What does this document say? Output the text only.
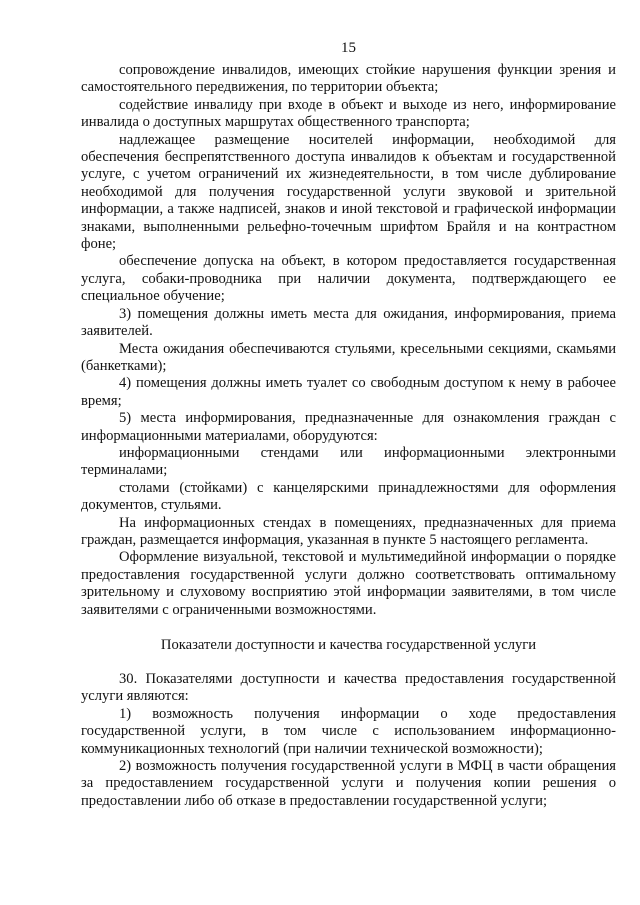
15

сопровождение инвалидов, имеющих стойкие нарушения функции зрения и самостоятельного передвижения, по территории объекта;

содействие инвалиду при входе в объект и выходе из него, информирование инвалида о доступных маршрутах общественного транспорта;

надлежащее размещение носителей информации, необходимой для обеспечения беспрепятственного доступа инвалидов к объектам и государственной услуге, с учетом ограничений их жизнедеятельности, в том числе дублирование необходимой для получения государственной услуги звуковой и зрительной информации, а также надписей, знаков и иной текстовой и графической информации знаками, выполненными рельефно-точечным шрифтом Брайля и на контрастном фоне;

обеспечение допуска на объект, в котором предоставляется государственная услуга, собаки-проводника при наличии документа, подтверждающего ее специальное обучение;

3) помещения должны иметь места для ожидания, информирования, приема заявителей.

Места ожидания обеспечиваются стульями, кресельными секциями, скамьями (банкетками);

4) помещения должны иметь туалет со свободным доступом к нему в рабочее время;

5) места информирования, предназначенные для ознакомления граждан с информационными материалами, оборудуются:

информационными стендами или информационными электронными терминалами;

столами (стойками) с канцелярскими принадлежностями для оформления документов, стульями.

На информационных стендах в помещениях, предназначенных для приема граждан, размещается информация, указанная в пункте 5 настоящего регламента.

Оформление визуальной, текстовой и мультимедийной информации о порядке предоставления государственной услуги должно соответствовать оптимальному зрительному и слуховому восприятию этой информации заявителями, в том числе заявителями с ограниченными возможностями.

Показатели доступности и качества государственной услуги

30. Показателями доступности и качества предоставления государственной услуги являются:

1) возможность получения информации о ходе предоставления государственной услуги, в том числе с использованием информационно-коммуникационных технологий (при наличии технической возможности);

2) возможность получения государственной услуги в МФЦ в части обращения за предоставлением государственной услуги и получения копии решения о предоставлении либо об отказе в предоставлении государственной услуги;
